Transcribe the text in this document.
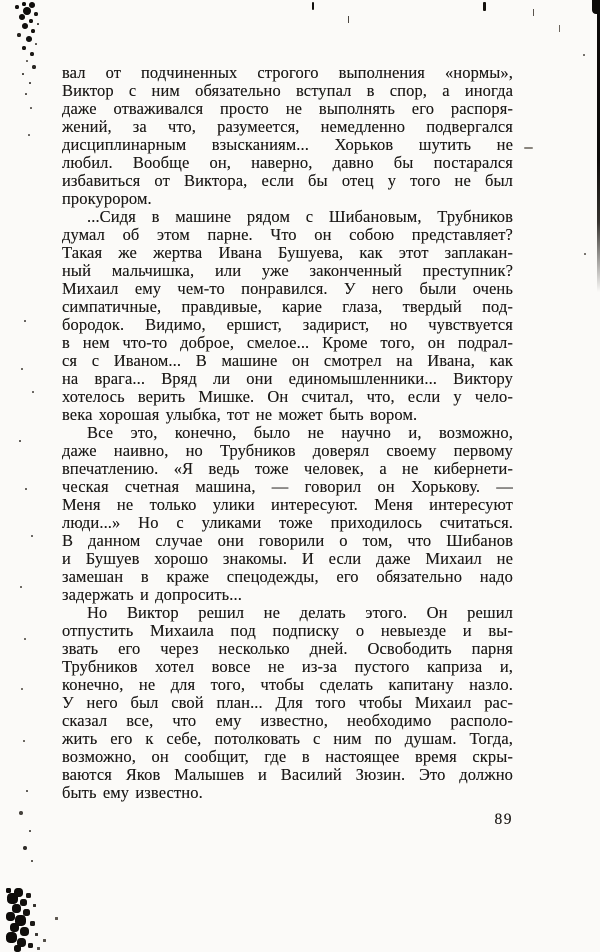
вал от подчиненных строгого выполнения «нормы»,
Виктор с ним обязательно вступал в спор, а иногда
даже отваживался просто не выполнять его распоря-
жений, за что, разумеется, немедленно подвергался
дисциплинарным взысканиям... Хорьков шутить не
любил. Вообще он, наверно, давно бы постарался
избавиться от Виктора, если бы отец у того не был
прокурором.
...Сидя в машине рядом с Шибановым, Трубников
думал об этом парне. Что он собою представляет?
Такая же жертва Ивана Бушуева, как этот заплакан-
ный мальчишка, или уже законченный преступник?
Михаил ему чем-то понравился. У него были очень
симпатичные, правдивые, карие глаза, твердый под-
бородок. Видимо, ершист, задирист, но чувствуется
в нем что-то доброе, смелое... Кроме того, он подрал-
ся с Иваном... В машине он смотрел на Ивана, как
на врага... Вряд ли они единомышленники... Виктору
хотелось верить Мишке. Он считал, что, если у чело-
века хорошая улыбка, тот не может быть вором.
Все это, конечно, было не научно и, возможно,
даже наивно, но Трубников доверял своему первому
впечатлению. «Я ведь тоже человек, а не кибернети-
ческая счетная машина, — говорил он Хорькову. —
Меня не только улики интересуют. Меня интересуют
люди...» Но с уликами тоже приходилось считаться.
В данном случае они говорили о том, что Шибанов
и Бушуев хорошо знакомы. И если даже Михаил не
замешан в краже спецодежды, его обязательно надо
задержать и допросить...
Но Виктор решил не делать этого. Он решил
отпустить Михаила под подписку о невыезде и вы-
звать его через несколько дней. Освободить парня
Трубников хотел вовсе не из-за пустого каприза и,
конечно, не для того, чтобы сделать капитану назло.
У него был свой план... Для того чтобы Михаил рас-
сказал все, что ему известно, необходимо располо-
жить его к себе, потолковать с ним по душам. Тогда,
возможно, он сообщит, где в настоящее время скры-
ваются Яков Малышев и Василий Зюзин. Это должно
быть ему известно.
89
